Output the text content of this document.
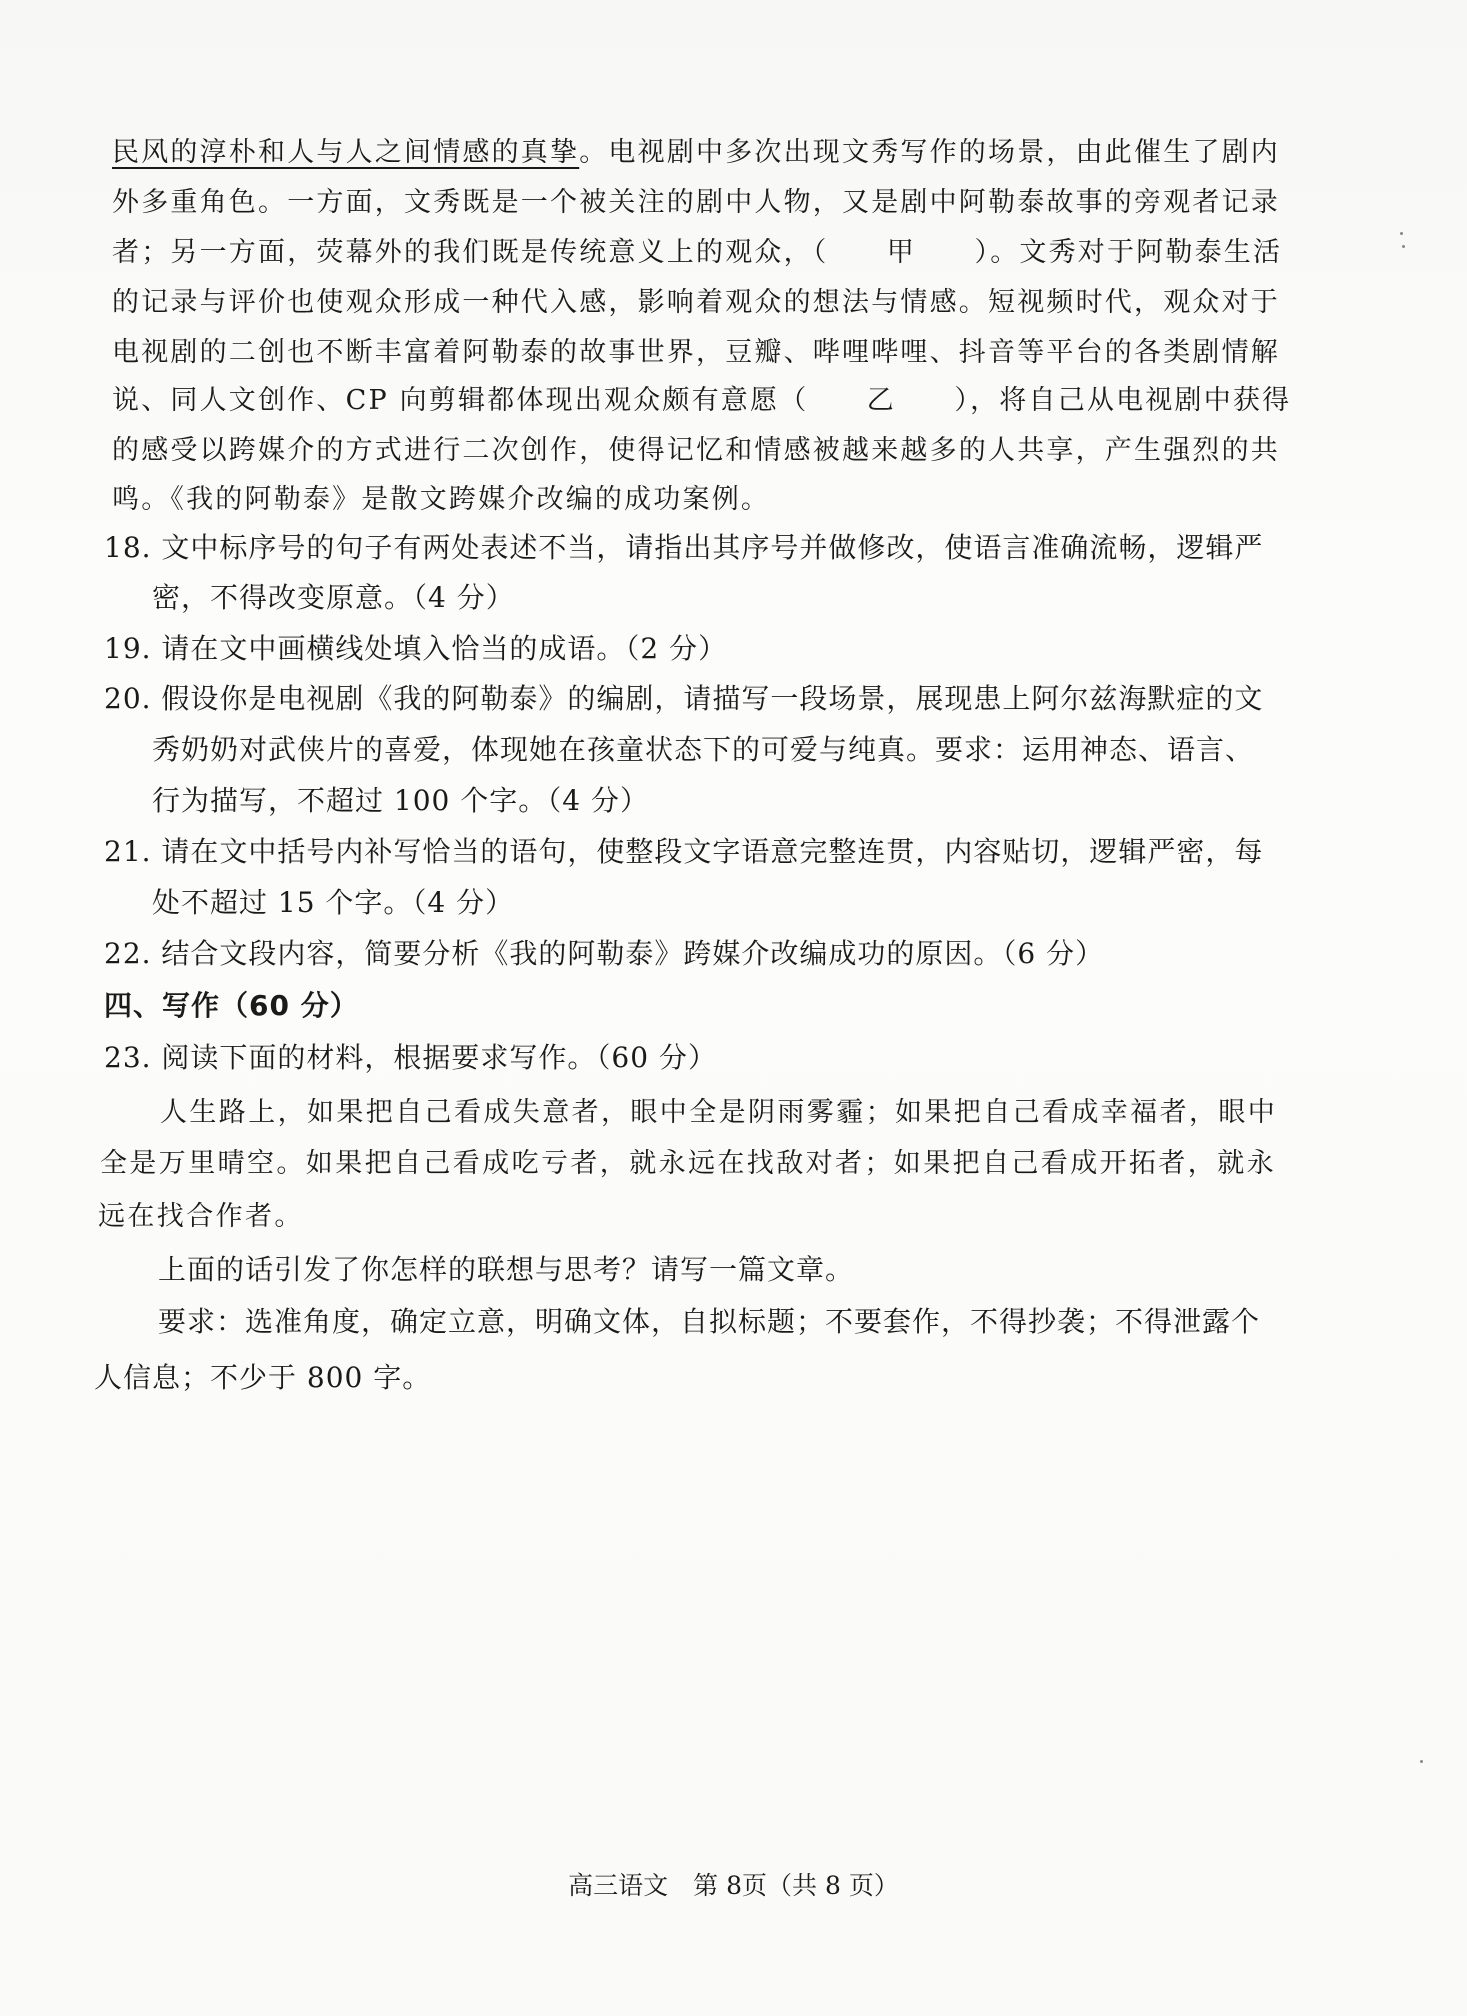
民风的淳朴和人与人之间情感的真挚。电视剧中多次出现文秀写作的场景，由此催生了剧内
外多重角色。一方面，文秀既是一个被关注的剧中人物，又是剧中阿勒泰故事的旁观者记录
者；另一方面，荧幕外的我们既是传统意义上的观众，（　　甲　　）。文秀对于阿勒泰生活
的记录与评价也使观众形成一种代入感，影响着观众的想法与情感。短视频时代，观众对于
电视剧的二创也不断丰富着阿勒泰的故事世界，豆瓣、哔哩哔哩、抖音等平台的各类剧情解
说、同人文创作、CP 向剪辑都体现出观众颇有意愿（　　乙　　），将自己从电视剧中获得
的感受以跨媒介的方式进行二次创作，使得记忆和情感被越来越多的人共享，产生强烈的共
鸣。《我的阿勒泰》是散文跨媒介改编的成功案例。
18. 文中标序号的句子有两处表述不当，请指出其序号并做修改，使语言准确流畅，逻辑严
密，不得改变原意。（4 分）
19. 请在文中画横线处填入恰当的成语。（2 分）
20. 假设你是电视剧《我的阿勒泰》的编剧，请描写一段场景，展现患上阿尔兹海默症的文
秀奶奶对武侠片的喜爱，体现她在孩童状态下的可爱与纯真。要求：运用神态、语言、
行为描写，不超过 100 个字。（4 分）
21. 请在文中括号内补写恰当的语句，使整段文字语意完整连贯，内容贴切，逻辑严密，每
处不超过 15 个字。（4 分）
22. 结合文段内容，简要分析《我的阿勒泰》跨媒介改编成功的原因。（6 分）
四、写作（60 分）
23. 阅读下面的材料，根据要求写作。（60 分）
人生路上，如果把自己看成失意者，眼中全是阴雨雾霾；如果把自己看成幸福者，眼中
全是万里晴空。如果把自己看成吃亏者，就永远在找敌对者；如果把自己看成开拓者，就永
远在找合作者。
上面的话引发了你怎样的联想与思考？请写一篇文章。
要求：选准角度，确定立意，明确文体，自拟标题；不要套作，不得抄袭；不得泄露个
人信息；不少于 800 字。
高三语文　第 8页（共 8 页）
